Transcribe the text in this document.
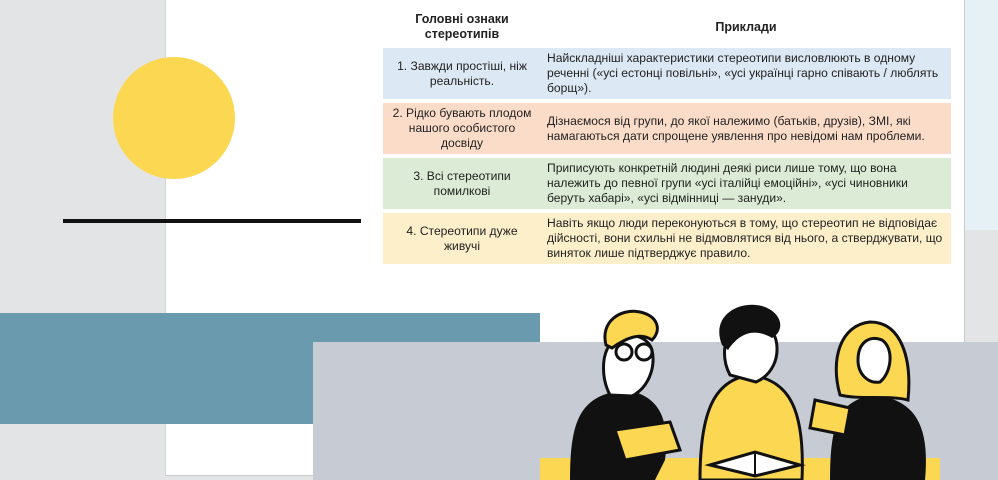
Головні ознаки стереотипів	Приклади
1. Завжди простіші, ніж реальність.	Найскладніші характеристики стереотипи висловлюють в одному реченні («усі естонці повільні», «усі українці гарно співають / люблять борщ»).
2. Рідко бувають плодом нашого особистого досвіду	Дізнаємося від групи, до якої належимо (батьків, друзів), ЗМІ, які намагаються дати спрощене уявлення про невідомі нам проблеми.
3. Всі стереотипи помилкові	Приписують конкретній людині деякі риси лише тому, що вона належить до певної групи «усі італійці емоційні», «усі чиновники беруть хабарі», «усі відмінниці — зануди».
4. Стереотипи дуже живучі	Навіть якщо люди переконуються в тому, що стереотип не відповідає дійсності, вони схильні не відмовлятися від нього, а стверджувати, що виняток лише підтверджує правило.
